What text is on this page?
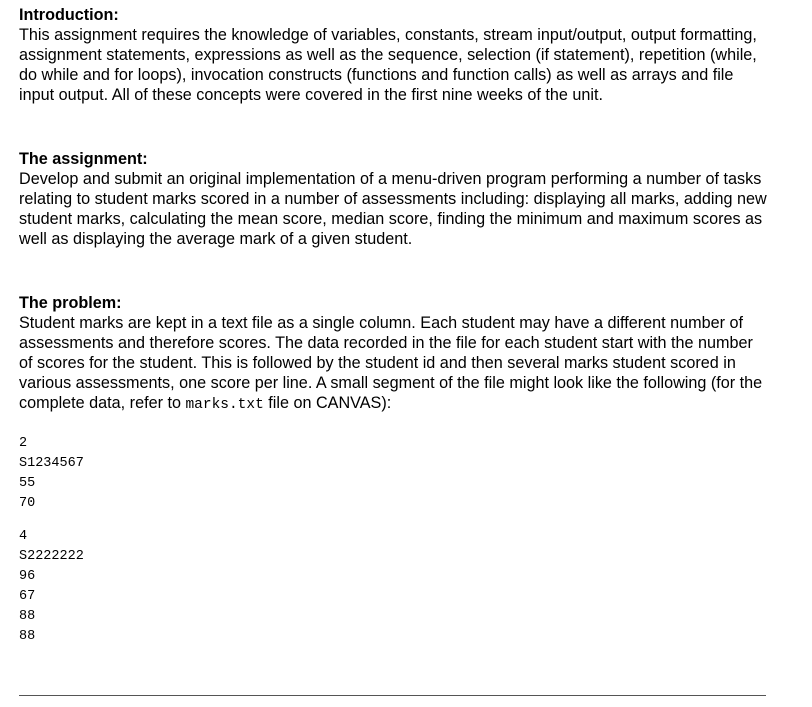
Introduction:

This assignment requires the knowledge of variables, constants, stream input/output, output formatting, assignment statements, expressions as well as the sequence, selection (if statement), repetition (while, do while and for loops), invocation constructs (functions and function calls) as well as arrays and file input output. All of these concepts were covered in the first nine weeks of the unit.

The assignment:

Develop and submit an original implementation of a menu-driven program performing a number of tasks relating to student marks scored in a number of assessments including: displaying all marks, adding new student marks, calculating the mean score, median score, finding the minimum and maximum scores as well as displaying the average mark of a given student.

The problem:

Student marks are kept in a text file as a single column. Each student may have a different number of assessments and therefore scores. The data recorded in the file for each student start with the number of scores for the student. This is followed by the student id and then several marks student scored in various assessments, one score per line. A small segment of the file might look like the following (for the complete data, refer to marks.txt file on CANVAS):

2
S1234567
55
70
4
S2222222
96
67
88
88
